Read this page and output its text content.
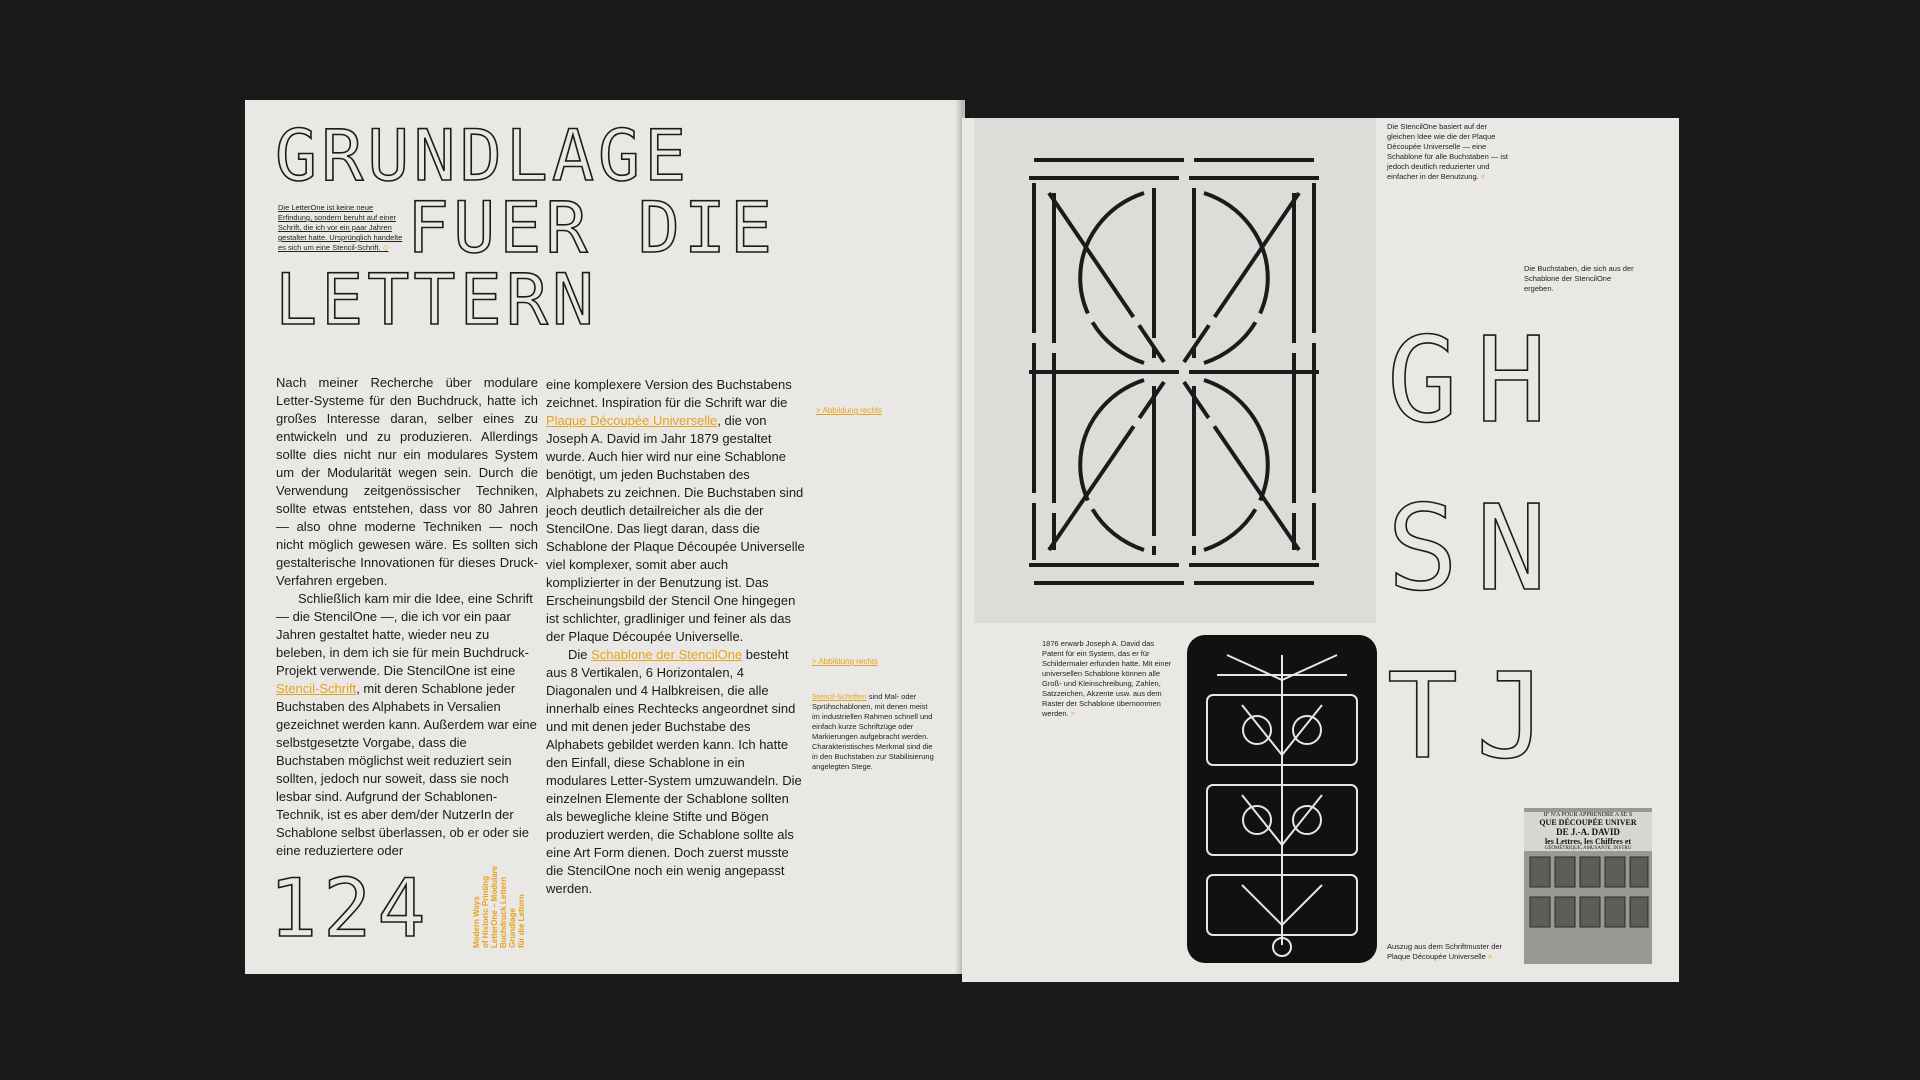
GRUNDLAGE
FUER DIE
LETTERN
Die LetterOne ist keine neue Erfindung, sondern beruht auf einer Schrift, die ich vor ein paar Jahren gestaltet hatte. Ursprünglich handelte es sich um eine Stencil-Schrift. ◇

Nach meiner Recherche über modulare Letter-Systeme für den Buchdruck, hatte ich großes Interesse daran, selber eines zu entwickeln und zu produzieren. Allerdings sollte dies nicht nur ein modulares System um der Modularität wegen sein. Durch die Verwendung zeitgenössischer Techniken, sollte etwas entstehen, dass vor 80 Jahren — also ohne moderne Techniken — noch nicht möglich gewesen wäre. Es sollten sich gestalterische Innovationen für dieses Druck-Verfahren ergeben.

Schließlich kam mir die Idee, eine Schrift — die StencilOne —, die ich vor ein paar Jahren gestaltet hatte, wieder neu zu beleben, in dem ich sie für mein Buchdruck-Projekt verwende. Die StencilOne ist eine Stencil-Schrift, mit deren Schablone jeder Buchstaben des Alphabets in Versalien gezeichnet werden kann. Außerdem war eine selbstgesetzte Vorgabe, dass die Buchstaben möglichst weit reduziert sein sollten, jedoch nur soweit, dass sie noch lesbar sind. Aufgrund der Schablonen-Technik, ist es aber dem/der NutzerIn der Schablone selbst überlassen, ob er oder sie eine reduziertere oder

eine komplexere Version des Buchstabens zeichnet. Inspiration für die Schrift war die Plaque Découpée Universelle, die von Joseph A. David im Jahr 1879 gestaltet wurde. Auch hier wird nur eine Schablone benötigt, um jeden Buchstaben des Alphabets zu zeichnen. Die Buchstaben sind jeoch deutlich detailreicher als die der StencilOne. Das liegt daran, dass die Schablone der Plaque Découpée Universelle viel komplexer, somit aber auch komplizierter in der Benutzung ist. Das Erscheinungsbild der Stencil One hingegen ist schlichter, gradliniger und feiner als das der Plaque Découpée Universelle.

Die Schablone der StencilOne besteht aus 8 Vertikalen, 6 Horizontalen, 4 Diagonalen und 4 Halbkreisen, die alle innerhalb eines Rechtecks angeordnet sind und mit denen jeder Buchstabe des Alphabets gebildet werden kann. Ich hatte den Einfall, diese Schablone in ein modulares Letter-System umzuwandeln. Die einzelnen Elemente der Schablone sollten als bewegliche kleine Stifte und Bögen produziert werden, die Schablone sollte als eine Art Form dienen. Doch zuerst musste die StencilOne noch ein wenig angepasst werden.

> Abbildung rechts
> Abbildung rechts
Stencil-Schriften sind Mal- oder Sprühschablonen, mit denen meist im industriellen Rahmen schnell und einfach kurze Schriftzüge oder Markierungen aufgebracht werden. Charakteristisches Merkmal sind die in den Buchstaben zur Stabilisierung angelegten Stege.
124	Modern Ways
of Historic Printing
LetterOne – Modulare
Buchdruck Lettern
Grundlage
für die Lettern
Die StencilOne basiert auf der gleichen Idee wie die der Plaque Découpée Universelle — eine Schablone für alle Buchstaben — ist jedoch deutlich reduzierter und einfacher in der Benutzung. <
Die Buchstaben, die sich aus der Schablone der StencilOne ergeben.
GH
SN
TJ
1876 erwarb Joseph A. David das Patent für ein System, das er für Schildermaler erfunden hatte. Mit einer universellen Schablone können alle Groß- und Kleinschreibung, Zahlen, Satzzeichen, Akzente usw. aus dem Raster der Schablone übernommen werden. >
IF N'A POUR APPRENDRE A SE S
QUE DÉCOUPÉE UNIVER
DE J.-A. DAVID
les Lettres, les Chiffres et
GÉOMÉTRIQUE, AMUSANTE, INSTRU
Auszug aus dem Schriftmuster der Plaque Découpée Universelle >
